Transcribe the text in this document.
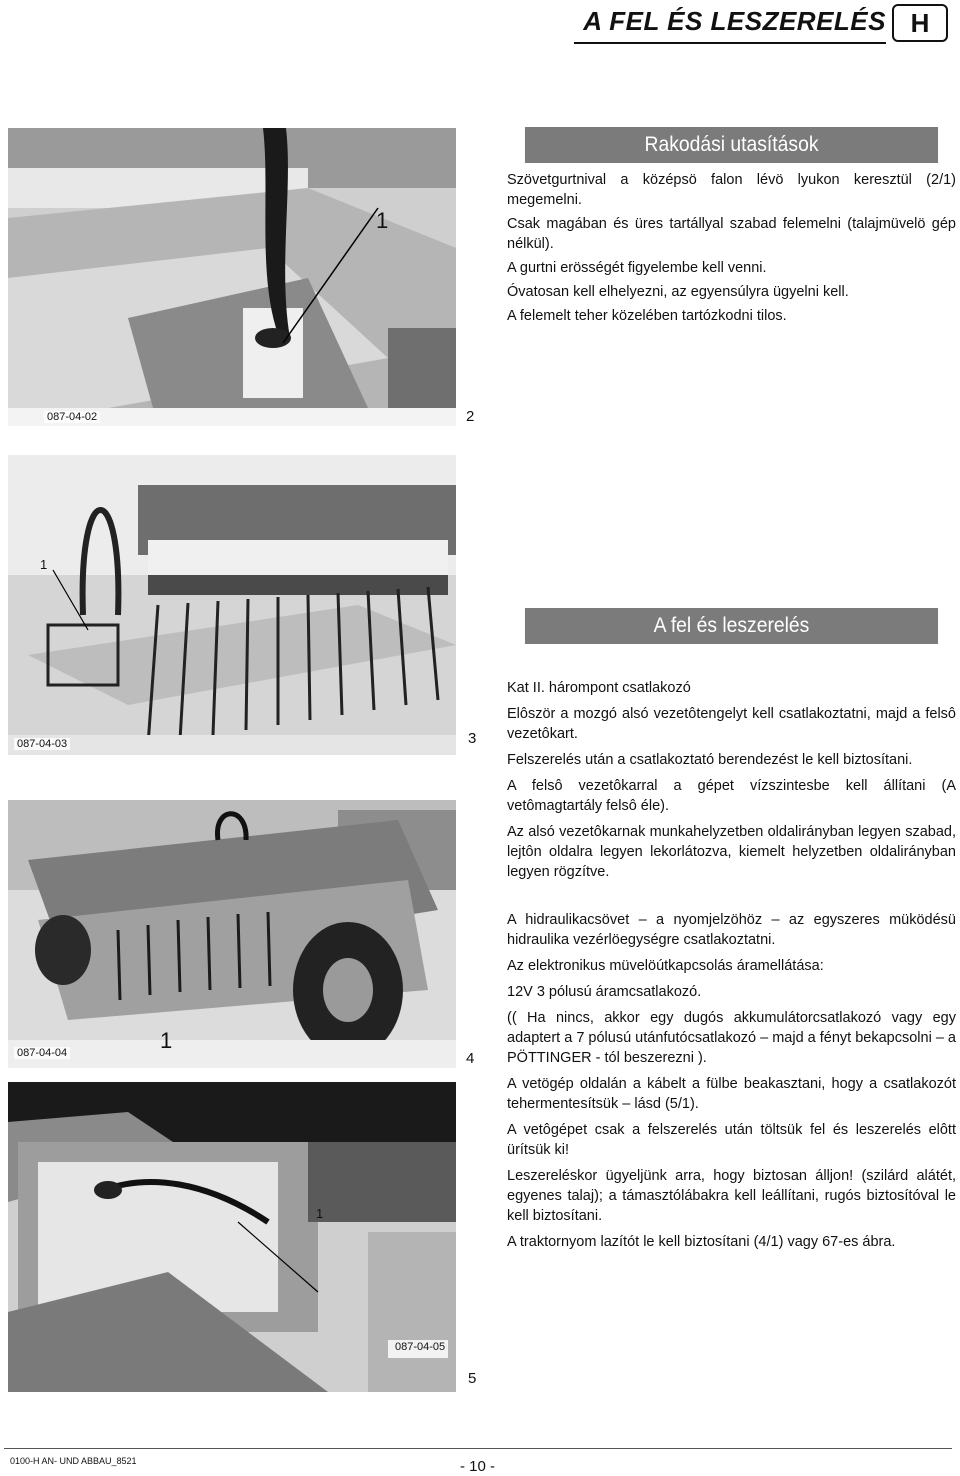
A FEL ÉS LESZERELÉS H
1
087-04-02	2
1
087-04-03	3
1
087-04-04	4
1
087-04-05
5
Rakodási utasítások

Szövetgurtnival a középsö falon lévö lyukon keresztül (2/1) megemelni.

Csak magában és üres tartállyal szabad felemelni (talajmüvelö gép nélkül).

A gurtni erösségét figyelembe kell venni.

Óvatosan kell elhelyezni, az egyensúlyra ügyelni kell.

A felemelt teher közelében tartózkodni tilos.

A fel és leszerelés

Kat II. hárompont csatlakozó

Elôször a mozgó alsó vezetôtengelyt kell csatlakoztatni, majd a felsô vezetôkart.

Felszerelés után a csatlakoztató berendezést le kell biztosítani.

A felsô vezetôkarral a gépet vízszintesbe kell állítani (A vetômagtartály felsô éle).

Az alsó vezetôkarnak munkahelyzetben oldalirányban legyen szabad, lejtôn oldalra legyen lekorlátozva, kiemelt helyzetben oldalirányban legyen rögzítve.

A hidraulikacsövet – a nyomjelzöhöz – az egyszeres müködésü hidraulika vezérlöegységre csatlakoztatni.

Az elektronikus müvelöútkapcsolás áramellátása:

12V 3 pólusú áramcsatlakozó.

(( Ha nincs, akkor egy dugós akkumulátorcsatlakozó vagy egy adaptert a 7 pólusú utánfutócsatlakozó – majd a fényt bekapcsolni – a PÖTTINGER - tól beszerezni ).

A vetögép oldalán a kábelt a fülbe beakasztani, hogy a csatlakozót tehermentesítsük – lásd (5/1).

A vetôgépet csak a felszerelés után töltsük fel és leszerelés elôtt ürítsük ki!

Leszereléskor ügyeljünk arra, hogy biztosan álljon! (szilárd alátét, egyenes talaj); a támasztólábakra kell leállítani, rugós biztosítóval le kell biztosítani.

A traktornyom lazítót le kell biztosítani (4/1) vagy 67-es ábra.

0100-H AN- UND ABBAU_8521	- 10 -
